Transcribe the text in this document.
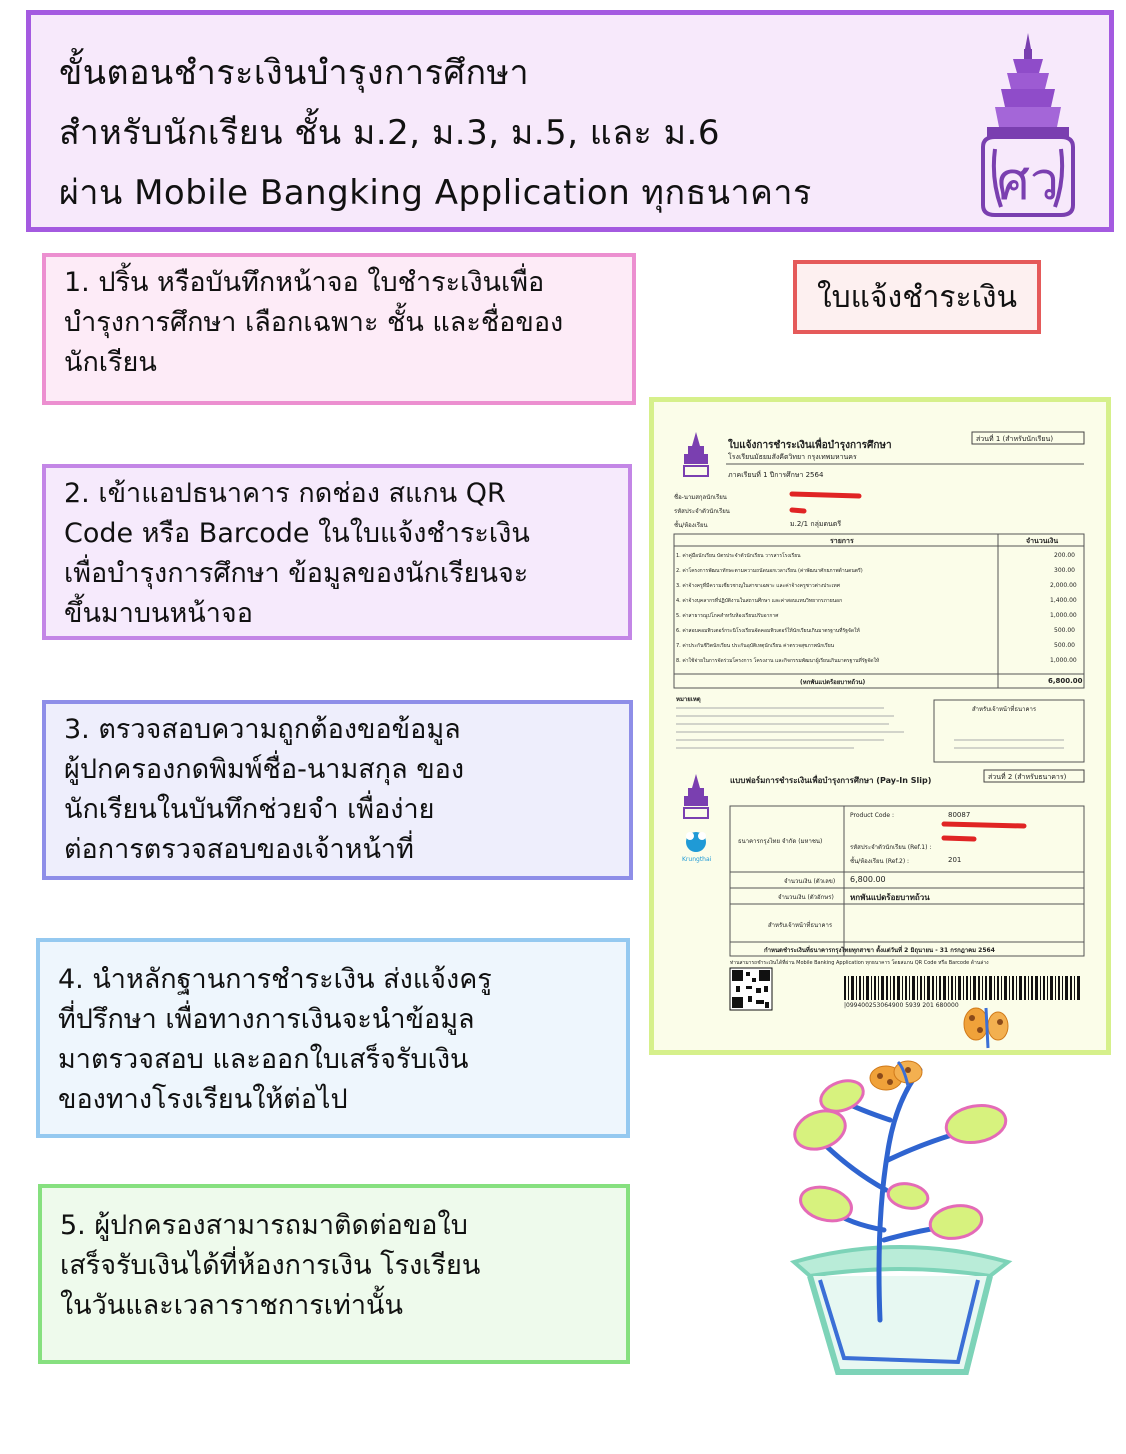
ขั้นตอนชำระเงินบำรุงการศึกษา
สำหรับนักเรียน ชั้น ม.2, ม.3, ม.5, และ ม.6
ผ่าน Mobile Bangking Application ทุกธนาคาร	ศว
1. ปริ้น หรือบันทึกหน้าจอ ใบชำระเงินเพื่อ
บำรุงการศึกษา เลือกเฉพาะ ชั้น และชื่อของ
นักเรียน
2. เข้าแอปธนาคาร กดช่อง สแกน QR
Code หรือ Barcode ในใบแจ้งชำระเงิน
เพื่อบำรุงการศึกษา ข้อมูลของนักเรียนจะ
ขึ้นมาบนหน้าจอ
3. ตรวจสอบความถูกต้องขอข้อมูล
ผู้ปกครองกดพิมพ์ชื่อ-นามสกุล ของ
นักเรียนในบันทึกช่วยจำ เพื่อง่าย
ต่อการตรวจสอบของเจ้าหน้าที่
4. นำหลักฐานการชำระเงิน ส่งแจ้งครู
ที่ปรึกษา เพื่อทางการเงินจะนำข้อมูล
มาตรวจสอบ และออกใบเสร็จรับเงิน
ของทางโรงเรียนให้ต่อไป
5. ผู้ปกครองสามารถมาติดต่อขอใบ
เสร็จรับเงินได้ที่ห้องการเงิน โรงเรียน
ในวันและเวลาราชการเท่านั้น
ใบแจ้งชำระเงิน
ใบแจ้งการชำระเงินเพื่อบำรุงการศึกษา
โรงเรียนมัธยมสังคีตวิทยา กรุงเทพมหานคร
ภาคเรียนที่ 1 ปีการศึกษา 2564
ส่วนที่ 1 (สำหรับนักเรียน)
ชื่อ-นามสกุลนักเรียน
รหัสประจำตัวนักเรียน
ชั้น/ห้องเรียน	ม.2/1 กลุ่มดนตรี
รายการ	จำนวนเงิน
1. ค่าคู่มือนักเรียน บัตรประจำตัวนักเรียน วารสารโรงเรียน	200.00
2. ค่าโครงการพัฒนาทักษะตามความถนัดนอกเวลาเรียน (ค่าพัฒนาศักยภาพด้านดนตรี)	300.00
3. ค่าจ้างครูที่มีความเชี่ยวชาญในสาขาเฉพาะ และค่าจ้างครูชาวต่างประเทศ	2,000.00
4. ค่าจ้างบุคลากรที่ปฏิบัติงานในสถานศึกษา และค่าสอบแทนวิทยากรภายนอก	1,400.00
5. ค่าสาธารณูปโภคสำหรับห้องเรียนปรับอากาศ	1,000.00
6. ค่าสอบคอมพิวเตอร์กระนิโรงเรียนจัดคอมพิวเตอร์ให้นักเรียนเกินมาตรฐานที่รัฐจัดให้	500.00
7. ค่าประกันชีวิตนักเรียน ประกันอุบัติเหตุนักเรียน ค่าตรวจสุขภาพนักเรียน	500.00
8. ค่าใช้จ่ายในการจัดร่วมโครงการ โครงงาน และกิจกรรมพัฒนาผู้เรียนเกินมาตรฐานที่รัฐจัดให้	1,000.00
(หกพันแปดร้อยบาทถ้วน)	6,800.00
หมายเหตุ
สำหรับเจ้าหน้าที่ธนาคาร
แบบฟอร์มการชำระเงินเพื่อบำรุงการศึกษา (Pay-In Slip)	ส่วนที่ 2 (สำหรับธนาคาร)
ธนาคารกรุงไทย จำกัด (มหาชน)
Krungthai
Product Code :	80087
รหัสประจำตัวนักเรียน (Ref.1) :
ชั้น/ห้องเรียน (Ref.2) :	201
จำนวนเงิน (ตัวเลข) 6,800.00
จำนวนเงิน (ตัวอักษร) หกพันแปดร้อยบาทถ้วน
สำหรับเจ้าหน้าที่ธนาคาร
กำหนดชำระเงินที่ธนาคารกรุงไทยทุกสาขา ตั้งแต่วันที่ 2 มิถุนายน - 31 กรกฎาคม 2564
ท่านสามารถชำระเงินได้ที่ผ่าน Mobile Banking Application ทุกธนาคาร โดยสแกน QR Code หรือ Barcode ด้านล่าง
|099400253064900 5939 201 680000
